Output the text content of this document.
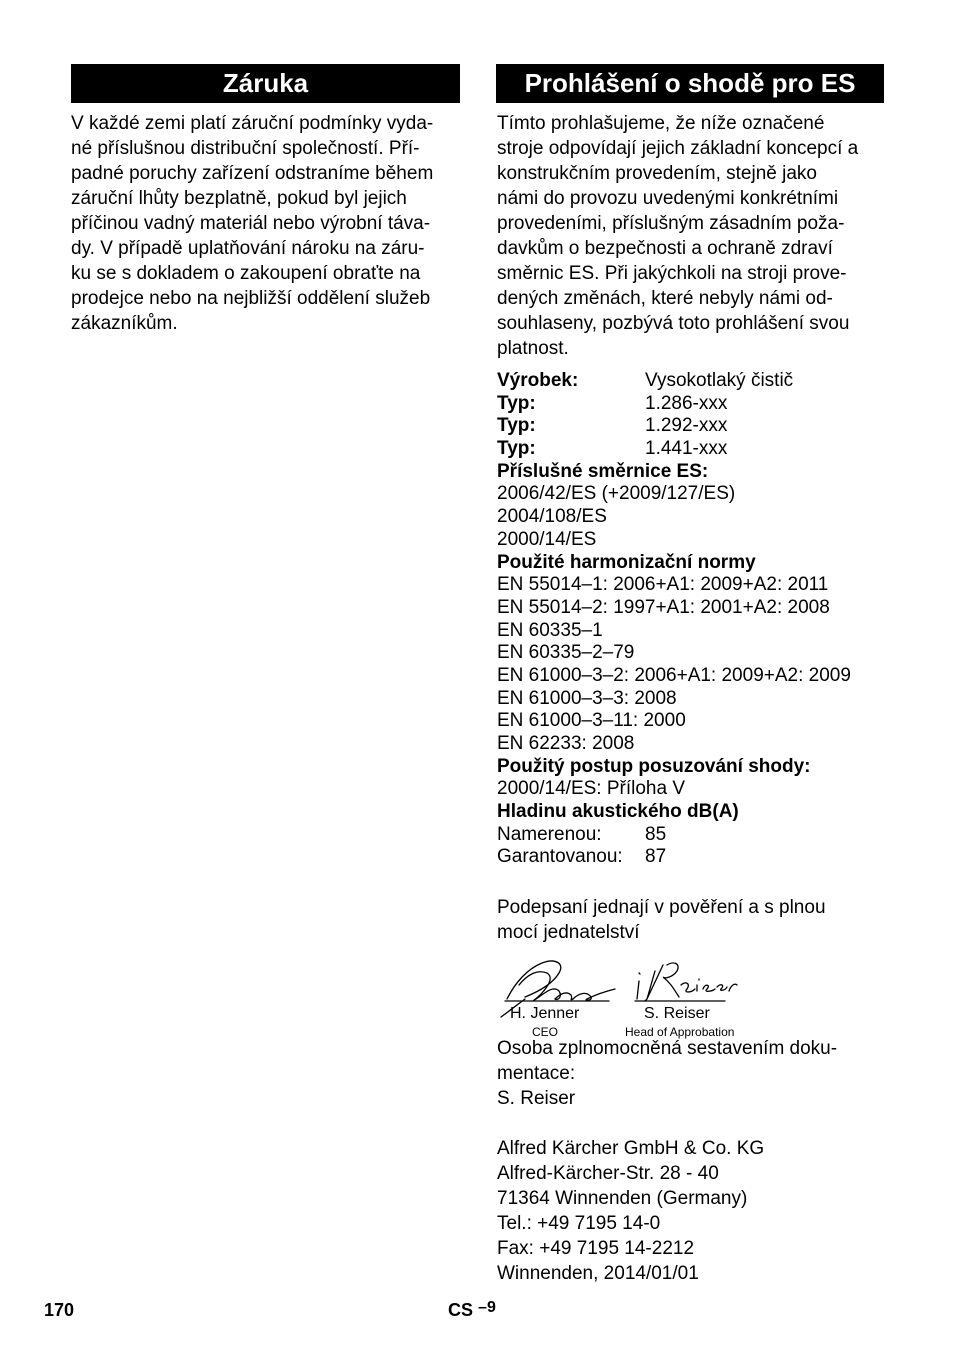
Záruka
V každé zemi platí záruční podmínky vyda-
né příslušnou distribuční společností. Pří-
padné poruchy zařízení odstraníme během
záruční lhůty bezplatně, pokud byl jejich
příčinou vadný materiál nebo výrobní táva-
dy. V případě uplatňování nároku na záru-
ku se s dokladem o zakoupení obraťte na
prodejce nebo na nejbližší oddělení služeb
zákazníkům.
Prohlášení o shodě pro ES
Tímto prohlašujeme, že níže označené
stroje odpovídají jejich základní koncepcí a
konstrukčním provedením, stejně jako
námi do provozu uvedenými konkrétními
provedeními, příslušným zásadním poža-
davkům o bezpečnosti a ochraně zdraví
směrnic ES. Při jakýchkoli na stroji prove-
dených změnách, které nebyly námi od-
souhlaseny, pozbývá toto prohlášení svou
platnost.
Výrobek:	Vysokotlaký čistič
Typ:	1.286-xxx
Typ:	1.292-xxx
Typ:	1.441-xxx
Příslušné směrnice ES:
2006/42/ES (+2009/127/ES)
2004/108/ES
2000/14/ES
Použité harmonizační normy
EN 55014–1: 2006+A1: 2009+A2: 2011
EN 55014–2: 1997+A1: 2001+A2: 2008
EN 60335–1
EN 60335–2–79
EN 61000–3–2: 2006+A1: 2009+A2: 2009
EN 61000–3–3: 2008
EN 61000–3–11: 2000
EN 62233: 2008
Použitý postup posuzování shody:
2000/14/ES: Příloha V
Hladinu akustického dB(A)
Namerenou: 85
Garantovanou: 87
Podepsaní jednají v pověření a s plnou
mocí jednatelství
H. Jenner	S. Reiser
CEO	Head of Approbation
Osoba zplnomocněná sestavením doku-
mentace:
S. Reiser
Alfred Kärcher GmbH & Co. KG
Alfred-Kärcher-Str. 28 - 40
71364 Winnenden (Germany)
Tel.: +49 7195 14-0
Fax: +49 7195 14-2212
Winnenden, 2014/01/01
170	CS –9
